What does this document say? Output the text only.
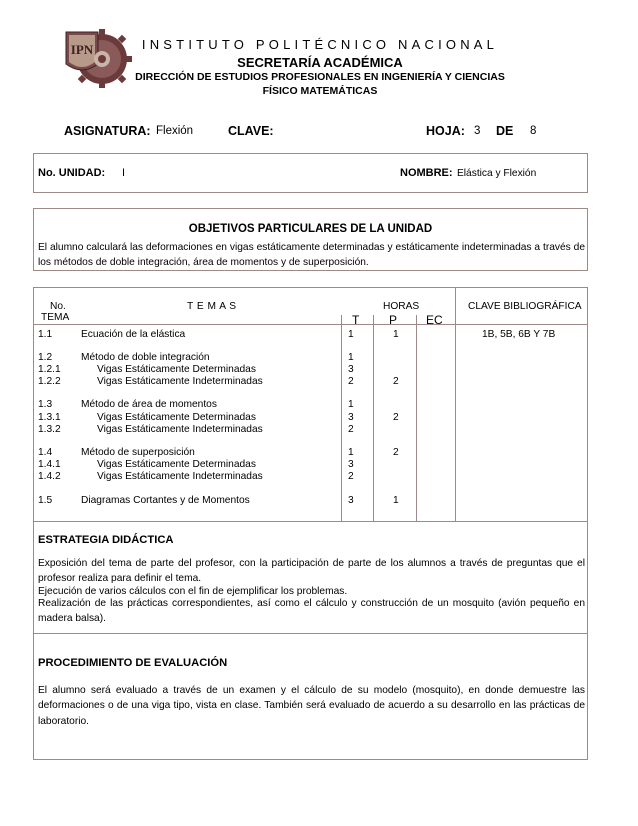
IPN	INSTITUTO POLITÉCNICO NACIONAL
SECRETARÍA ACADÉMICA
DIRECCIÓN DE ESTUDIOS PROFESIONALES EN INGENIERÍA Y CIENCIAS
FÍSICO MATEMÁTICAS
ASIGNATURA: Flexión	CLAVE:	HOJA: 3 DE 8
No. UNIDAD: I	NOMBRE: Elástica y Flexión
OBJETIVOS PARTICULARES DE LA UNIDAD
El alumno calculará las deformaciones en vigas estáticamente determinadas y estáticamente indeterminadas a través de los métodos de doble integración, área de momentos y de superposición.
No.
TEMA
T E M A S	HORAS
T P EC
CLAVE BIBLIOGRÁFICA
1.1	Ecuación de la elástica	1	1	1B, 5B, 6B Y 7B
1.2	Método de doble integración	1
1.2.1	Vigas Estáticamente Determinadas	3
1.2.2	Vigas Estáticamente Indeterminadas	2	2
1.3	Método de área de momentos	1
1.3.1	Vigas Estáticamente Determinadas	3	2
1.3.2	Vigas Estáticamente Indeterminadas	2
1.4	Método de superposición	1	2
1.4.1	Vigas Estáticamente Determinadas	3
1.4.2	Vigas Estáticamente Indeterminadas	2
1.5	Diagramas Cortantes y de Momentos	3	1
ESTRATEGIA DIDÁCTICA
Exposición del tema de parte del profesor, con la participación de parte de los alumnos a través de preguntas que el profesor realiza para definir el tema.
Ejecución de varios cálculos con el fin de ejemplificar los problemas.
Realización de las prácticas correspondientes, así como el cálculo y construcción de un mosquito (avión pequeño en madera balsa).
PROCEDIMIENTO DE EVALUACIÓN
El alumno será evaluado a través de un examen y el cálculo de su modelo (mosquito), en donde demuestre las deformaciones o de una viga tipo, vista en clase. También será evaluado de acuerdo a su desarrollo en las prácticas de laboratorio.
